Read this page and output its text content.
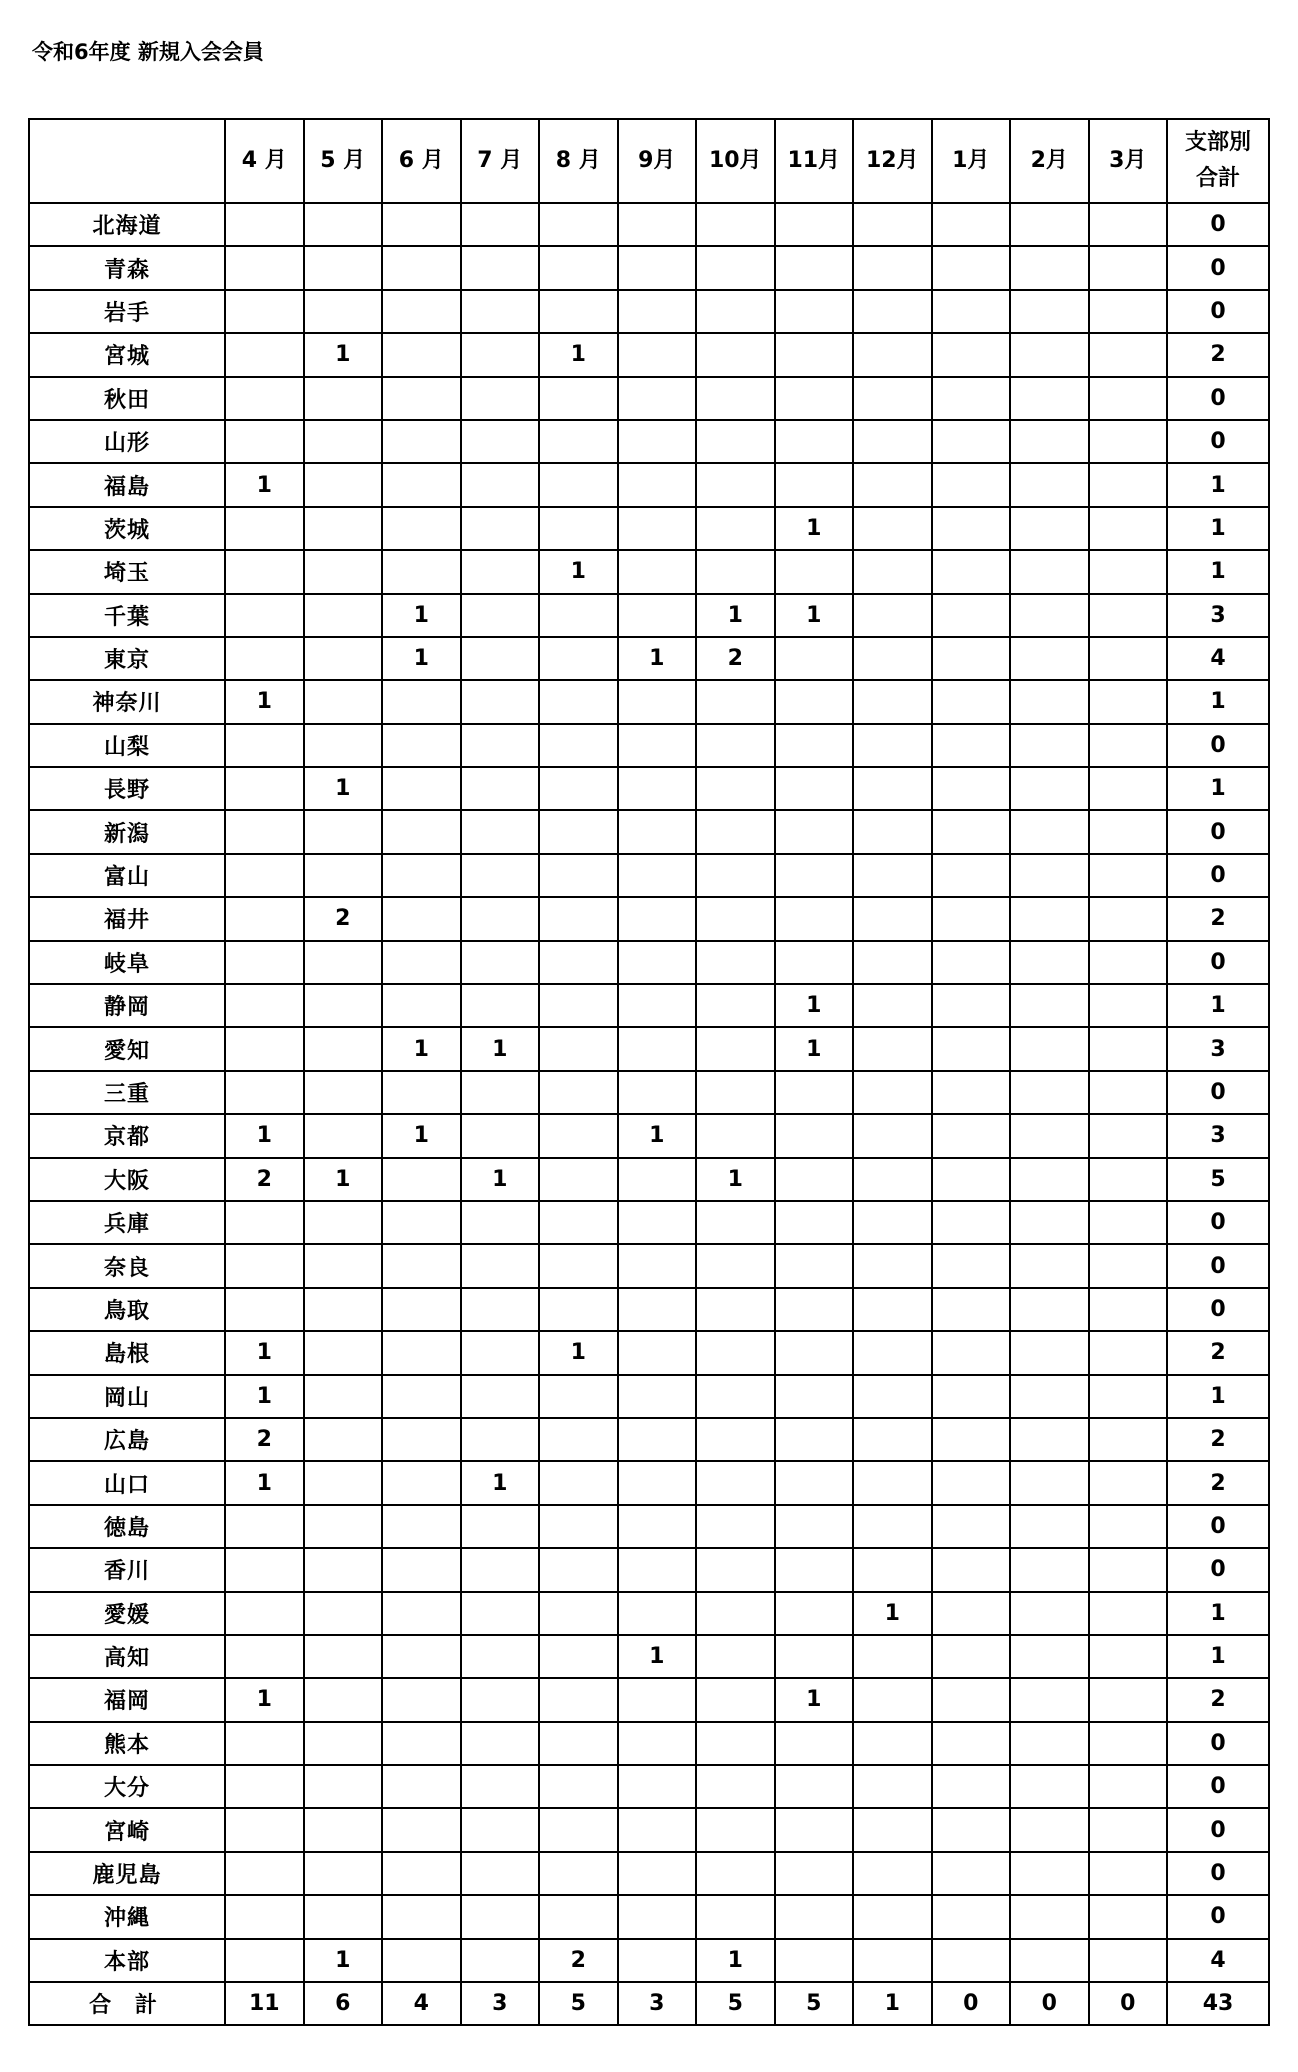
令和6年度 新規入会会員
	4 月	5 月	6 月	7 月	8 月	9月	10月	11月	12月	1月	2月	3月	支部別
合計
北海道													0
青森													0
岩手													0
宮城		1			1								2
秋田													0
山形													0
福島	1												1
茨城								1					1
埼玉					1								1
千葉			1				1	1					3
東京			1			1	2						4
神奈川	1												1
山梨													0
長野		1											1
新潟													0
富山													0
福井		2											2
岐阜													0
静岡								1					1
愛知			1	1				1					3
三重													0
京都	1		1			1							3
大阪	2	1		1			1						5
兵庫													0
奈良													0
鳥取													0
島根	1				1								2
岡山	1												1
広島	2												2
山口	1			1									2
徳島													0
香川													0
愛媛									1				1
高知						1							1
福岡	1							1					2
熊本													0
大分													0
宮崎													0
鹿児島													0
沖縄													0
本部		1			2		1						4
合 計	11	6	4	3	5	3	5	5	1	0	0	0	43
